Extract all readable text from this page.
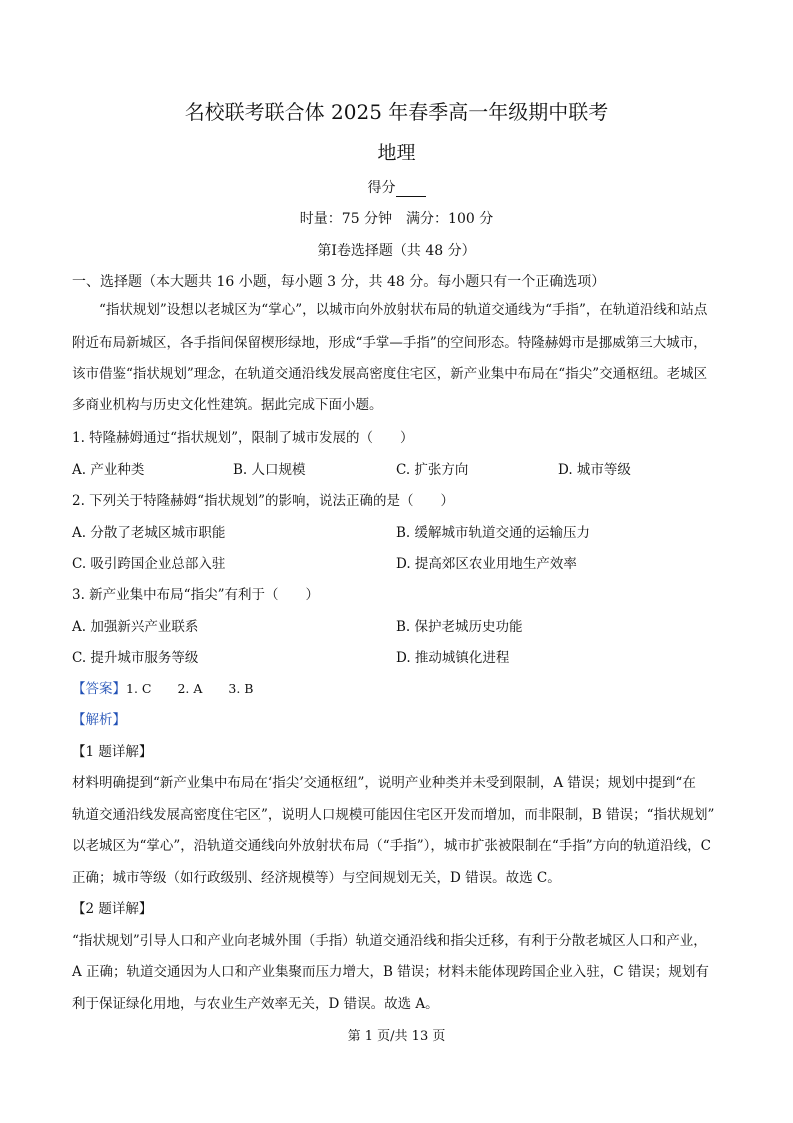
名校联考联合体 2025 年春季高一年级期中联考
地理
得分
时量：75 分钟　满分：100 分
第Ⅰ卷选择题（共 48 分）
一、选择题（本大题共 16 小题，每小题 3 分，共 48 分。每小题只有一个正确选项）
“指状规划”设想以老城区为“掌心”，以城市向外放射状布局的轨道交通线为“手指”，在轨道沿线和站点
附近布局新城区，各手指间保留楔形绿地，形成“手掌—手指”的空间形态。特隆赫姆市是挪威第三大城市，
该市借鉴“指状规划”理念，在轨道交通沿线发展高密度住宅区，新产业集中布局在“指尖”交通枢纽。老城区
多商业机构与历史文化性建筑。据此完成下面小题。
1. 特隆赫姆通过“指状规划”，限制了城市发展的（　　）
A. 产业种类	B. 人口规模	C. 扩张方向	D. 城市等级
2. 下列关于特隆赫姆“指状规划”的影响，说法正确的是（　　）
A. 分散了老城区城市职能	B. 缓解城市轨道交通的运输压力
C. 吸引跨国企业总部入驻	D. 提高郊区农业用地生产效率
3. 新产业集中布局“指尖”有利于（　　）
A. 加强新兴产业联系	B. 保护老城历史功能
C. 提升城市服务等级	D. 推动城镇化进程
【答案】1. C 2. A 3. B
【解析】
【1 题详解】
材料明确提到“新产业集中布局在‘指尖’交通枢纽”，说明产业种类并未受到限制，A 错误；规划中提到“在
轨道交通沿线发展高密度住宅区”，说明人口规模可能因住宅区开发而增加，而非限制，B 错误；“指状规划”
以老城区为“掌心”，沿轨道交通线向外放射状布局（“手指”），城市扩张被限制在“手指”方向的轨道沿线，C
正确；城市等级（如行政级别、经济规模等）与空间规划无关，D 错误。故选 C。
【2 题详解】
“指状规划”引导人口和产业向老城外围（手指）轨道交通沿线和指尖迁移，有利于分散老城区人口和产业，
A 正确；轨道交通因为人口和产业集聚而压力增大，B 错误；材料未能体现跨国企业入驻，C 错误；规划有
利于保证绿化用地，与农业生产效率无关，D 错误。故选 A。
第 1 页/共 13 页
